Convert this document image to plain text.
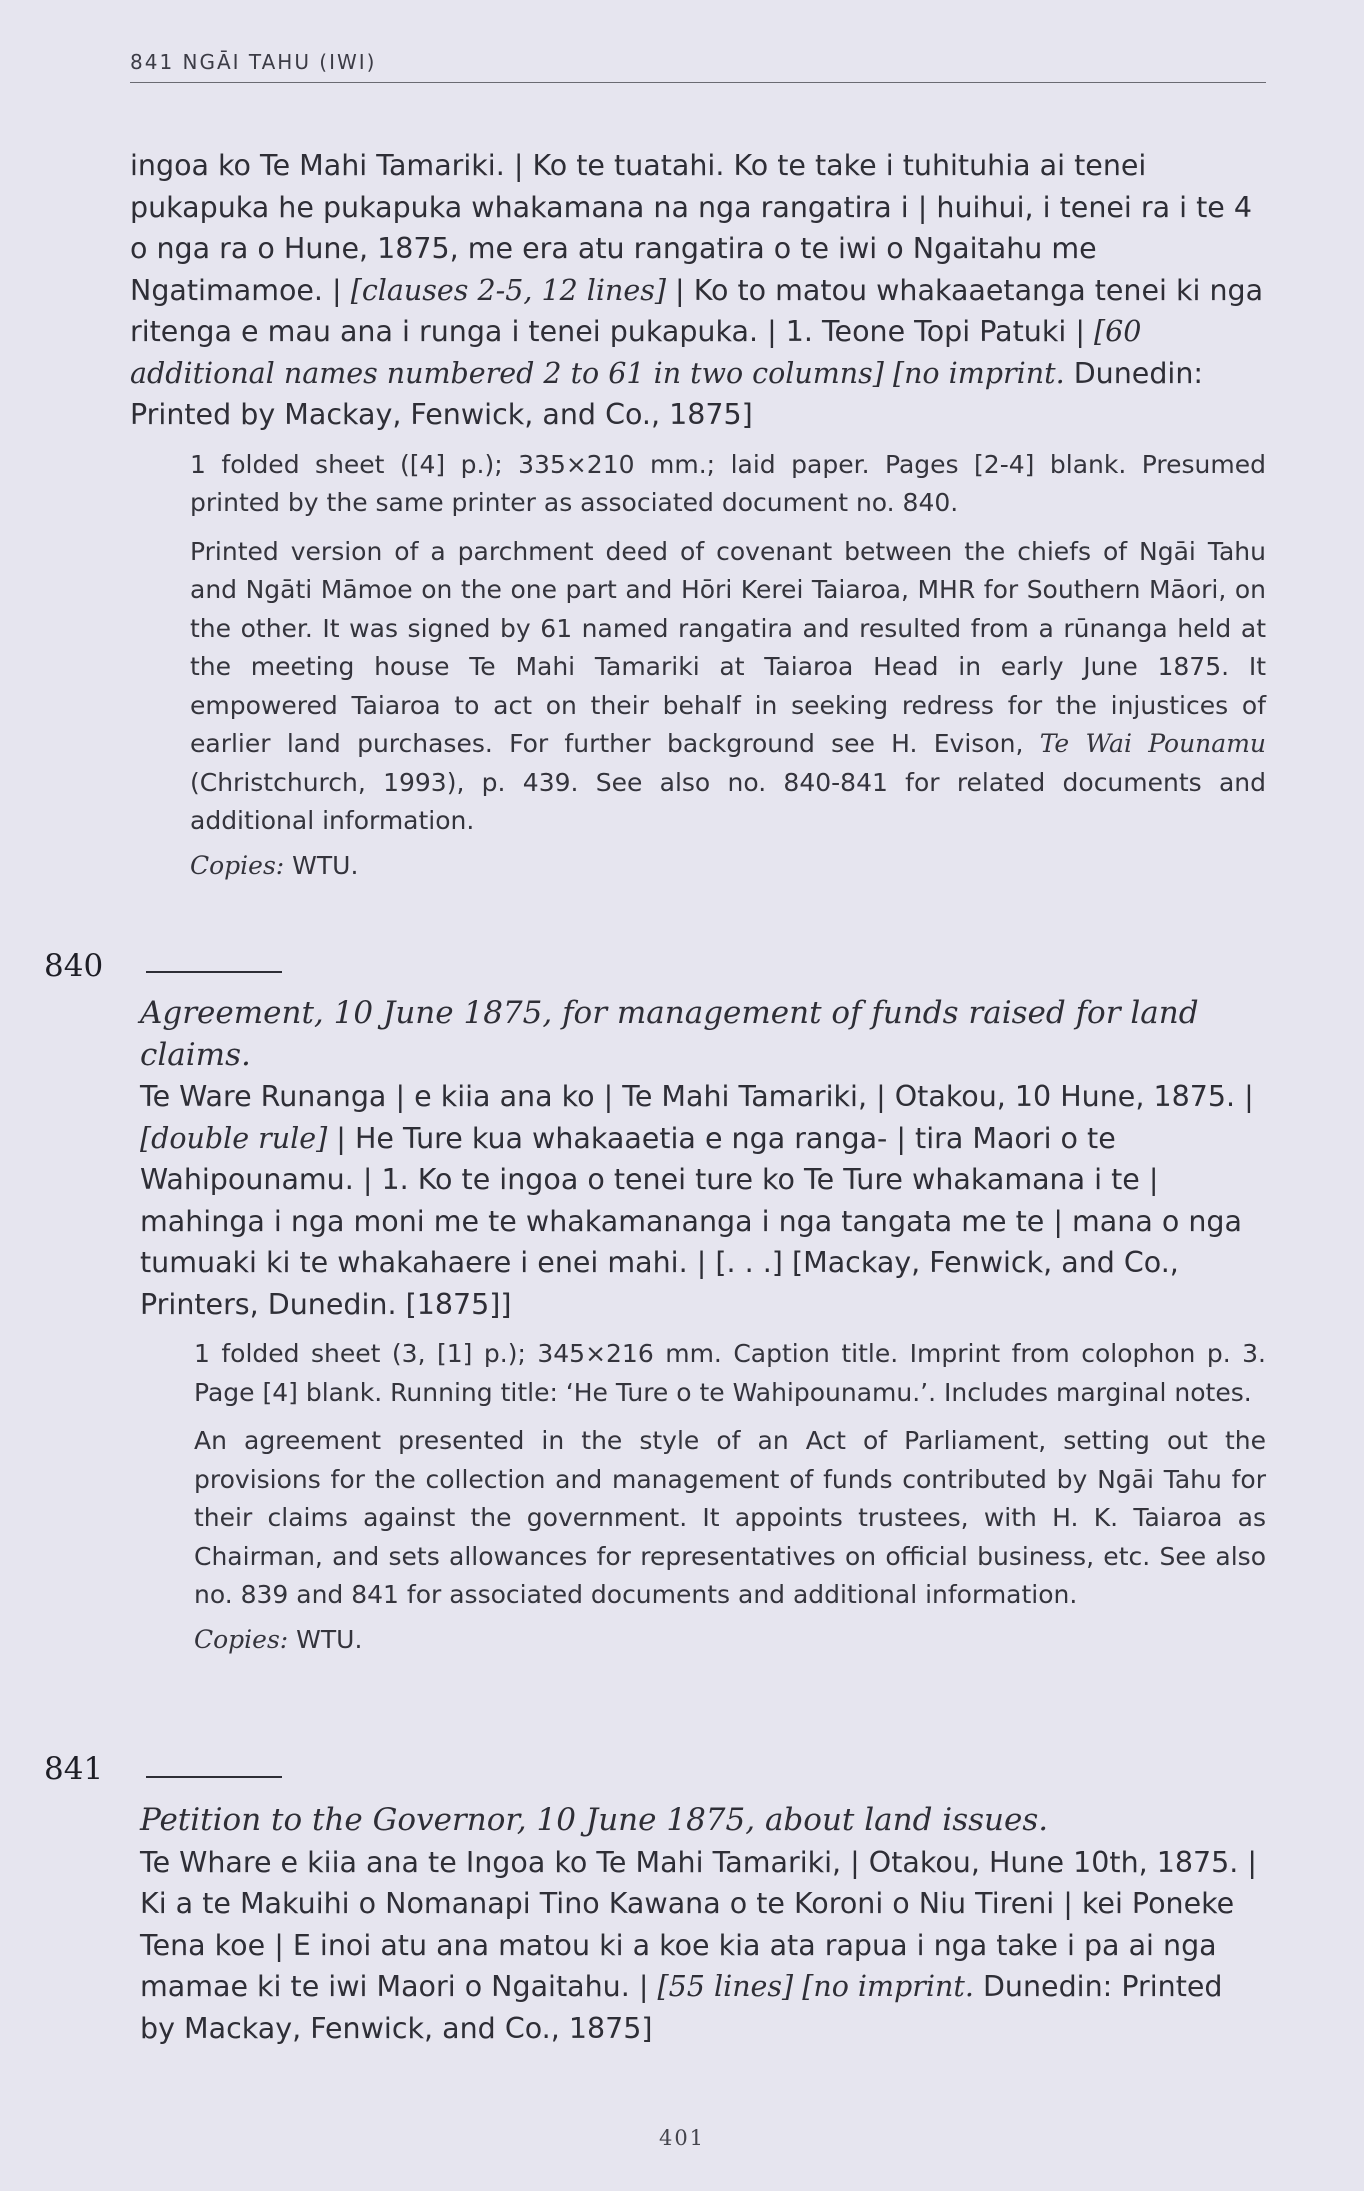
841 NGĀI TAHU (IWI)
ingoa ko Te Mahi Tamariki. | Ko te tuatahi. Ko te take i tuhituhia ai tenei pukapuka he pukapuka whakamana na nga rangatira i | huihui, i tenei ra i te 4 o nga ra o Hune, 1875, me era atu rangatira o te iwi o Ngaitahu me Ngatimamoe. | [clauses 2-5, 12 lines] | Ko to matou whakaaetanga tenei ki nga ritenga e mau ana i runga i tenei pukapuka. | 1. Teone Topi Patuki | [60 additional names numbered 2 to 61 in two columns] [no imprint. Dunedin: Printed by Mackay, Fenwick, and Co., 1875]

1 folded sheet ([4] p.); 335×210 mm.; laid paper. Pages [2-4] blank. Presumed printed by the same printer as associated document no. 840.

Printed version of a parchment deed of covenant between the chiefs of Ngāi Tahu and Ngāti Māmoe on the one part and Hōri Kerei Taiaroa, MHR for Southern Māori, on the other. It was signed by 61 named rangatira and resulted from a rūnanga held at the meeting house Te Mahi Tamariki at Taiaroa Head in early June 1875. It empowered Taiaroa to act on their behalf in seeking redress for the injustices of earlier land purchases. For further background see H. Evison, Te Wai Pounamu (Christchurch, 1993), p. 439. See also no. 840-841 for related documents and additional information.

Copies: WTU.
840
Agreement, 10 June 1875, for management of funds raised for land claims.
Te Ware Runanga | e kiia ana ko | Te Mahi Tamariki, | Otakou, 10 Hune, 1875. | [double rule] | He Ture kua whakaaetia e nga ranga- | tira Maori o te Wahipounamu. | 1. Ko te ingoa o tenei ture ko Te Ture whakamana i te | mahinga i nga moni me te whakamananga i nga tangata me te | mana o nga tumuaki ki te whakahaere i enei mahi. | [. . .] [Mackay, Fenwick, and Co., Printers, Dunedin. [1875]]

1 folded sheet (3, [1] p.); 345×216 mm. Caption title. Imprint from colophon p. 3. Page [4] blank. Running title: ‘He Ture o te Wahipounamu.’. Includes marginal notes.

An agreement presented in the style of an Act of Parliament, setting out the provisions for the collection and management of funds contributed by Ngāi Tahu for their claims against the government. It appoints trustees, with H. K. Taiaroa as Chairman, and sets allowances for representatives on official business, etc. See also no. 839 and 841 for associated documents and additional information.

Copies: WTU.
841
Petition to the Governor, 10 June 1875, about land issues.
Te Whare e kiia ana te Ingoa ko Te Mahi Tamariki, | Otakou, Hune 10th, 1875. | Ki a te Makuihi o Nomanapi Tino Kawana o te Koroni o Niu Tireni | kei Poneke Tena koe | E inoi atu ana matou ki a koe kia ata rapua i nga take i pa ai nga mamae ki te iwi Maori o Ngaitahu. | [55 lines] [no imprint. Dunedin: Printed by Mackay, Fenwick, and Co., 1875]
401
